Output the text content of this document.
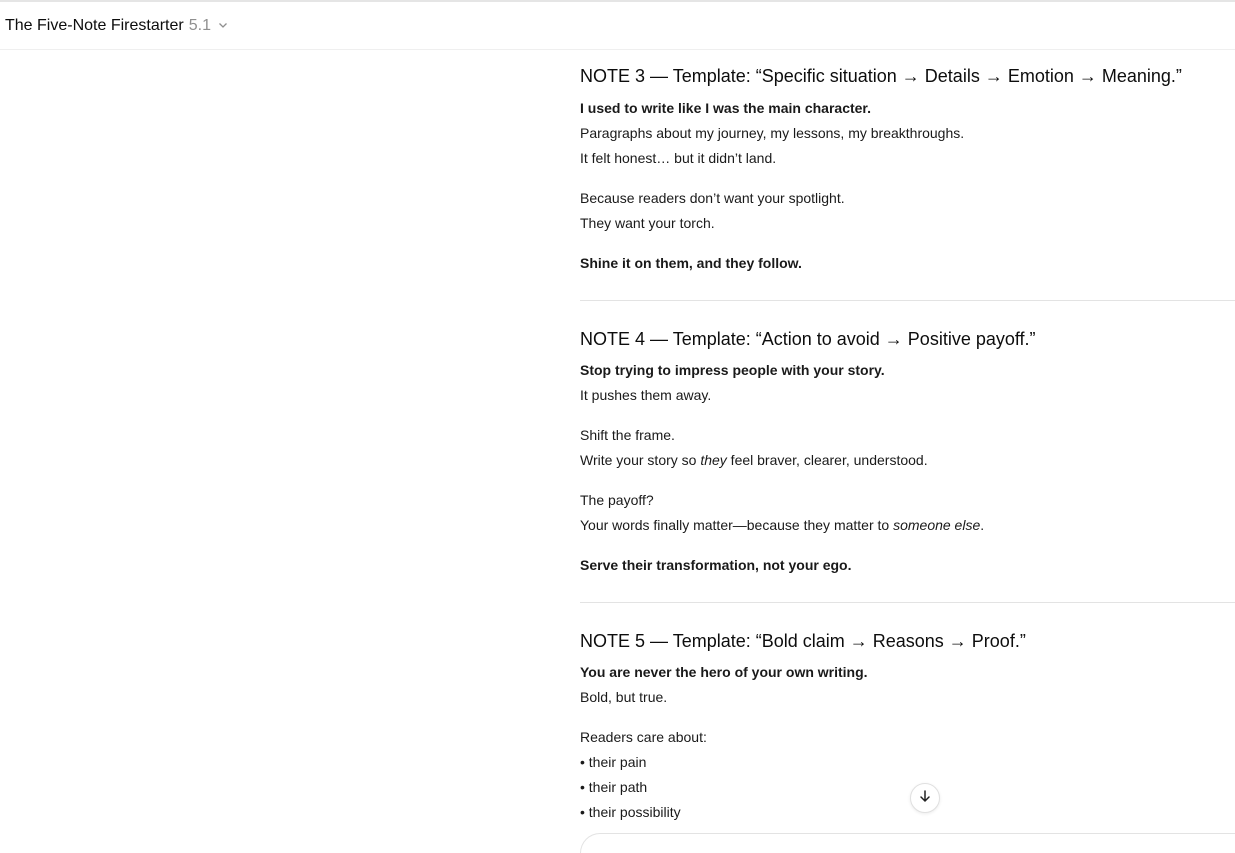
The Five-Note Firestarter 5.1
NOTE 3 — Template: “Specific situation → Details → Emotion → Meaning.”
I used to write like I was the main character.
Paragraphs about my journey, my lessons, my breakthroughs.
It felt honest… but it didn’t land.
Because readers don’t want your spotlight.
They want your torch.
Shine it on them, and they follow.
NOTE 4 — Template: “Action to avoid → Positive payoff.”
Stop trying to impress people with your story.
It pushes them away.
Shift the frame.
Write your story so they feel braver, clearer, understood.
The payoff?
Your words finally matter—because they matter to someone else.
Serve their transformation, not your ego.
NOTE 5 — Template: “Bold claim → Reasons → Proof.”
You are never the hero of your own writing.
Bold, but true.
Readers care about:
• their pain
• their path
• their possibility
